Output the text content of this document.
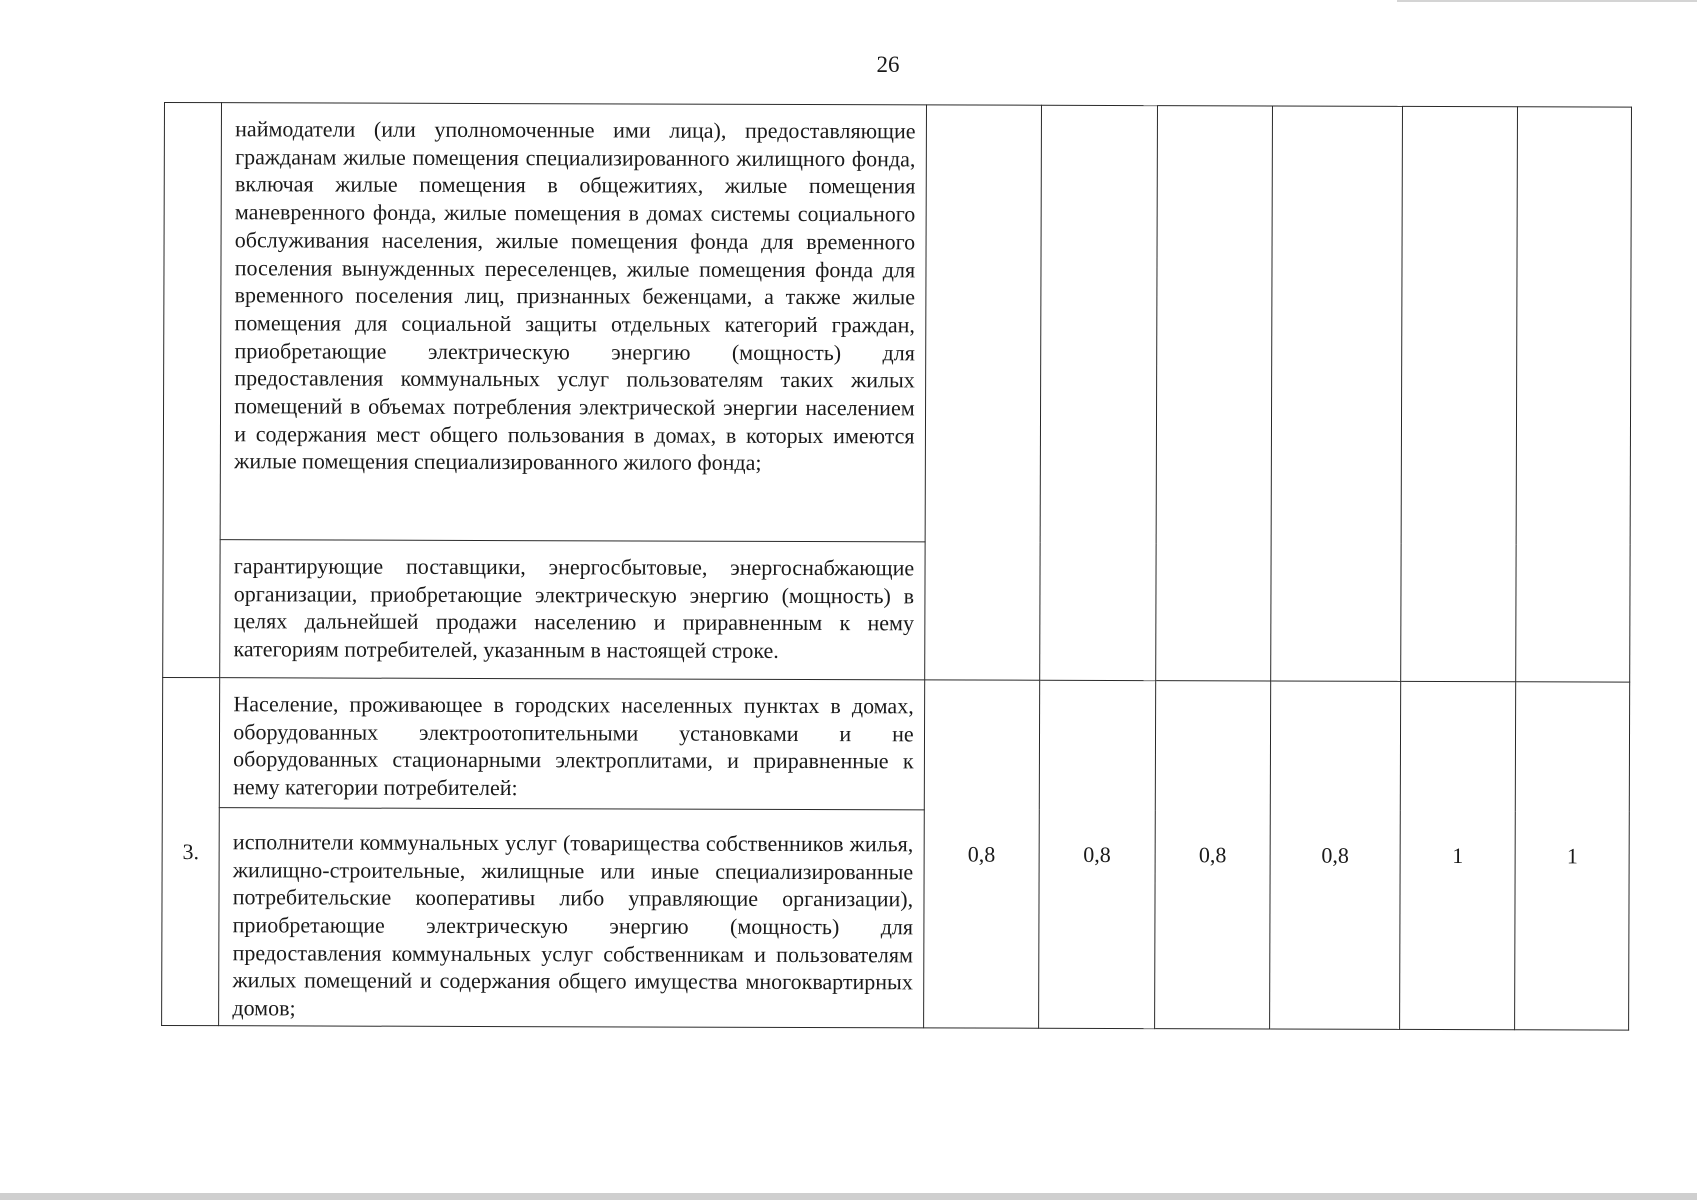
26
	наймодатели (или уполномоченные ими лица), предоставляющие гражданам жилые помещения специализированного жилищного фонда, включая жилые помещения в общежитиях, жилые помещения маневренного фонда, жилые помещения в домах системы социального обслуживания населения, жилые помещения фонда для временного поселения вынужденных переселенцев, жилые помещения фонда для временного поселения лиц, признанных беженцами, а также жилые помещения для социальной защиты отдельных категорий граждан, приобретающие электрическую энергию (мощность) для предоставления коммунальных услуг пользователям таких жилых помещений в объемах потребления электрической энергии населением и содержания мест общего пользования в домах, в которых имеются жилые помещения специализированного жилого фонда;						
	гарантирующие поставщики, энергосбытовые, энергоснабжающие организации, приобретающие электрическую энергию (мощность) в целях дальнейшей продажи населению и приравненным к нему категориям потребителей, указанным в настоящей строке.						
3.	Население, проживающее в городских населенных пунктах в домах, оборудованных электроотопительными установками и не оборудованных стационарными электроплитами, и приравненные к нему категории потребителей:	0,8	0,8	0,8	0,8	1	1
	исполнители коммунальных услуг (товарищества собственников жилья, жилищно-строительные, жилищные или иные специализированные потребительские кооперативы либо управляющие организации), приобретающие электрическую энергию (мощность) для предоставления коммунальных услуг собственникам и пользователям жилых помещений и содержания общего имущества многоквартирных домов;						
